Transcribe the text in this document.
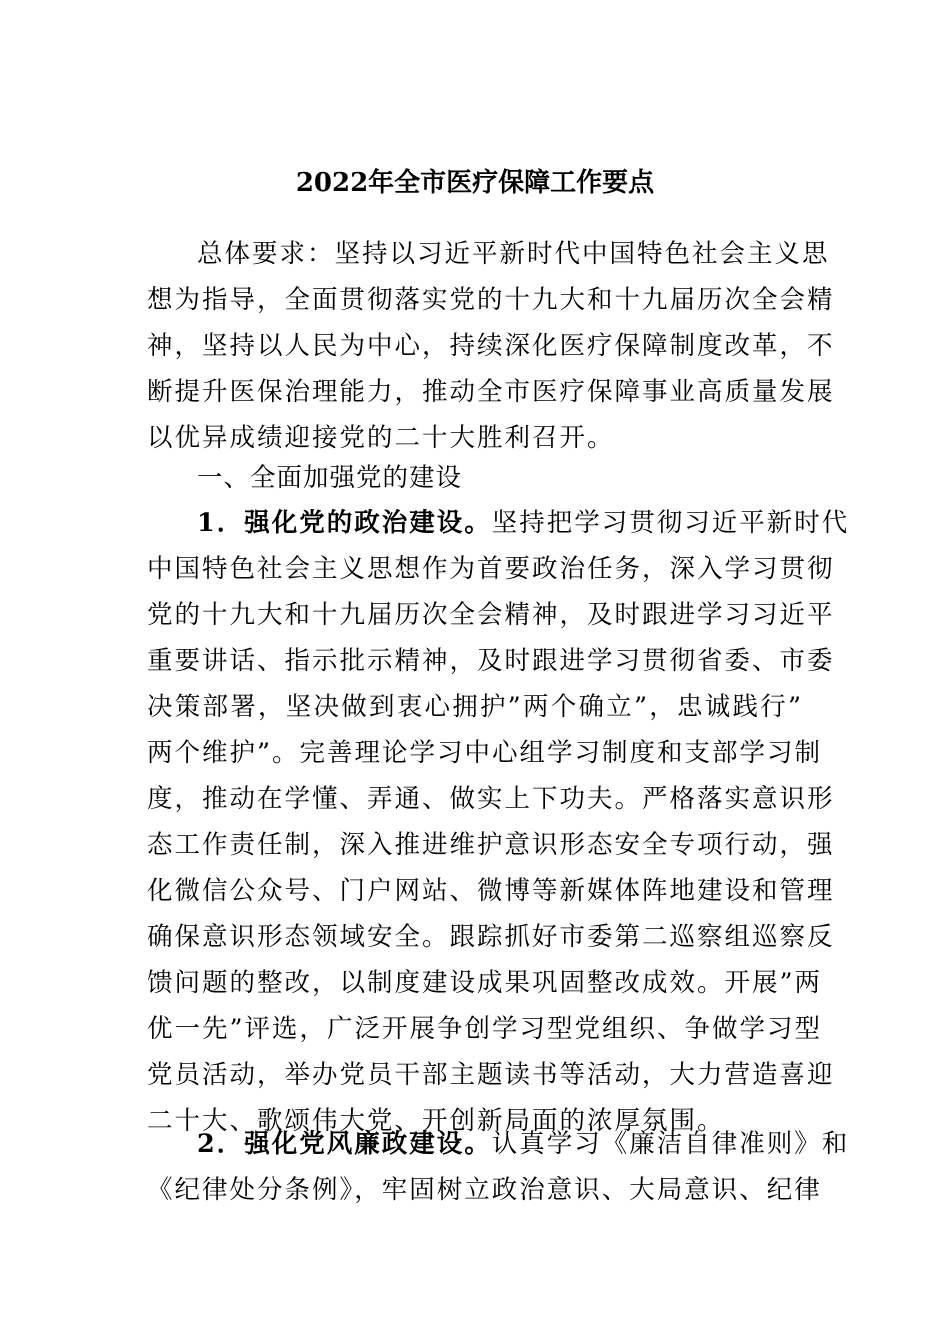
2022年全市医疗保障工作要点
总体要求：坚持以习近平新时代中国特色社会主义思
想为指导，全面贯彻落实党的十九大和十九届历次全会精
神，坚持以人民为中心，持续深化医疗保障制度改革，不
断提升医保治理能力，推动全市医疗保障事业高质量发展
以优异成绩迎接党的二十大胜利召开。
一、全面加强党的建设
1．强化党的政治建设。坚持把学习贯彻习近平新时代
中国特色社会主义思想作为首要政治任务，深入学习贯彻
党的十九大和十九届历次全会精神，及时跟进学习习近平
重要讲话、指示批示精神，及时跟进学习贯彻省委、市委
决策部署，坚决做到衷心拥护”两个确立”，忠诚践行”
两个维护”。完善理论学习中心组学习制度和支部学习制
度，推动在学懂、弄通、做实上下功夫。严格落实意识形
态工作责任制，深入推进维护意识形态安全专项行动，强
化微信公众号、门户网站、微博等新媒体阵地建设和管理
确保意识形态领域安全。跟踪抓好市委第二巡察组巡察反
馈问题的整改，以制度建设成果巩固整改成效。开展”两
优一先”评选，广泛开展争创学习型党组织、争做学习型
党员活动，举办党员干部主题读书等活动，大力营造喜迎
二十大、歌颂伟大党、开创新局面的浓厚氛围。
2．强化党风廉政建设。认真学习《廉洁自律准则》和
《纪律处分条例》，牢固树立政治意识、大局意识、纪律
